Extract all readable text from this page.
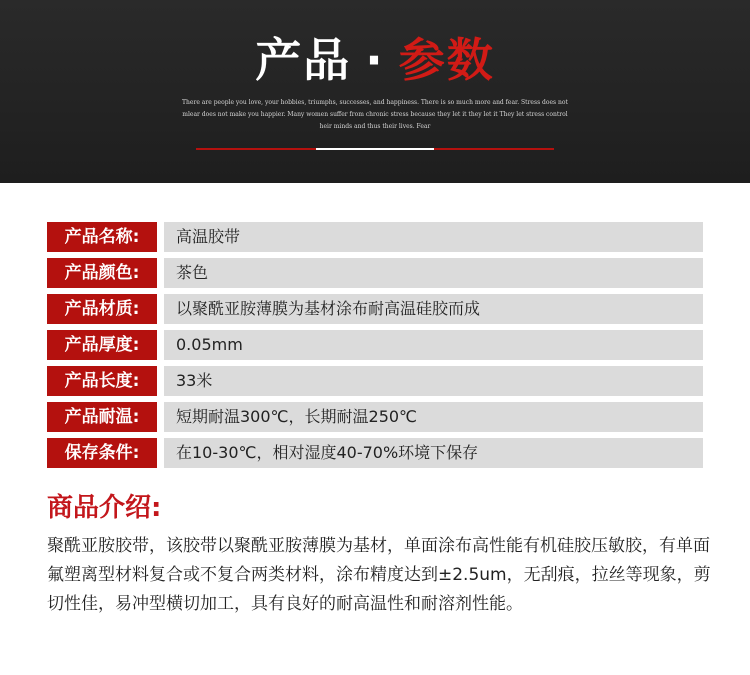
产品 · 参数
There are people you love, your hobbies, triumphs, successes, and happiness. There is so much more and fear. Stress does not mlear does not make you happier. Many women suffer from chronic stress because they let it they let it They let stress control heir minds and thus their lives. Fear
产品名称:	高温胶带
产品颜色:	茶色
产品材质:	以聚酰亚胺薄膜为基材涂布耐高温硅胶而成
产品厚度:	0.05mm
产品长度:	33米
产品耐温:	短期耐温300℃，长期耐温250℃
保存条件:	在10-30℃，相对湿度40-70%环境下保存
商品介绍:
聚酰亚胺胶带，该胶带以聚酰亚胺薄膜为基材，单面涂布高性能有机硅胶压敏胶，有单面氟塑离型材料复合或不复合两类材料，涂布精度达到±2.5um，无刮痕，拉丝等现象，剪切性佳，易冲型横切加工，具有良好的耐高温性和耐溶剂性能。
